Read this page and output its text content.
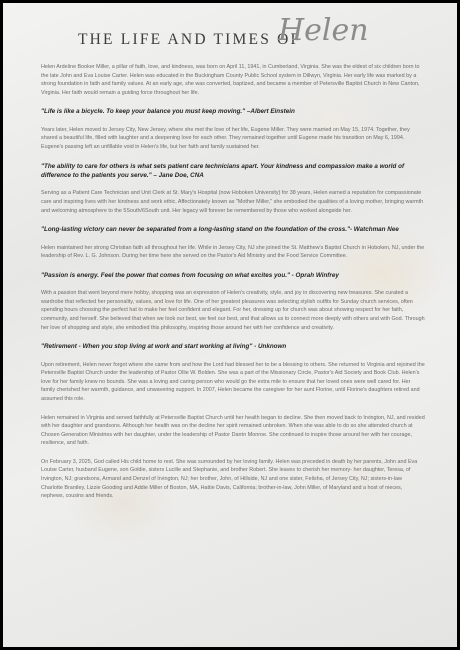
THE LIFE AND TIMES OF
Helen

Helen Ardeline Booker Miller, a pillar of faith, love, and kindness, was born on April 11, 1941, in Cumberland, Virginia. She was the eldest of six children born to the late John and Eva Louise Carter. Helen was educated in the Buckingham County Public School system in Dillwyn, Virginia. Her early life was marked by a strong foundation in faith and family values. At an early age, she was converted, baptized, and became a member of Petersville Baptist Church in New Canton, Virginia. Her faith would remain a guiding force throughout her life.

"Life is like a bicycle. To keep your balance you must keep moving." –Albert Einstein

Years later, Helen moved to Jersey City, New Jersey, where she met the love of her life, Eugene Miller. They were married on May 15, 1974. Together, they shared a beautiful life, filled with laughter and a deepening love for each other. They remained together until Eugene made his transition on May 6, 1994. Eugene's passing left an unfillable void in Helen's life, but her faith and family sustained her.

"The ability to care for others is what sets patient care technicians apart. Your kindness and compassion make a world of difference to the patients you serve." – Jane Doe, CNA

Serving as a Patient Care Technician and Unit Clerk at St. Mary's Hospital (now Hoboken University) for 38 years, Helen earned a reputation for compassionate care and inspiring lives with her kindness and work ethic. Affectionately known as "Mother Miller," she embodied the qualities of a loving mother, bringing warmth and welcoming atmosphere to the 5South/6South unit. Her legacy will forever be remembered by those who worked alongside her.

"Long-lasting victory can never be separated from a long-lasting stand on the foundation of the cross."- Watchman Nee

Helen maintained her strong Christian faith all throughout her life. While in Jersey City, NJ she joined the St. Matthew's Baptist Church in Hoboken, NJ, under the leadership of Rev. L. G. Johnson. During her time here she served on the Pastor's Aid Ministry and the Food Service Committee.

"Passion is energy. Feel the power that comes from focusing on what excites you." - Oprah Winfrey

With a passion that went beyond mere hobby, shopping was an expression of Helen's creativity, style, and joy in discovering new treasures. She curated a wardrobe that reflected her personality, values, and love for life. One of her greatest pleasures was selecting stylish outfits for Sunday church services, often spending hours choosing the perfect hat to make her feel confident and elegant. For her, dressing up for church was about showing respect for her faith, community, and herself. She believed that when we look our best, we feel our best, and that allows us to connect more deeply with others and with God. Through her love of shopping and style, she embodied this philosophy, inspiring those around her with her confidence and creativity.

"Retirement - When you stop living at work and start working at living" - Unknown

Upon retirement, Helen never forgot where she came from and how the Lord had blessed her to be a blessing to others. She returned to Virginia and rejoined the Petersville Baptist Church under the leadership of Pastor Ollie W. Bolden. She was a part of the Missionary Circle, Pastor's Aid Society and Book Club. Helen's love for her family knew no bounds. She was a loving and caring person who would go the extra mile to ensure that her loved ones were well cared for. Her family cherished her warmth, guidance, and unwavering support. In 2007, Helen became the caregiver for her aunt Florine, until Florine's daughters retired and assumed this role.

Helen remained in Virginia and served faithfully at Petersville Baptist Church until her health began to decline. She then moved back to Irvington, NJ, and resided with her daughter and grandsons. Although her health was on the decline her spirit remained unbroken. When she was able to do so she attended church at Chosen Generation Ministries with her daughter, under the leadership of Pastor Darrin Monroe. She continued to inspire those around her with her courage, resilience, and faith.

On February 3, 2025, God called His child home to rest. She was surrounded by her loving family. Helen was preceded in death by her parents, John and Eva Louise Carter, husband Eugene, son Goldie, sisters Lucille and Stephanie, and brother Robert. She leaves to cherish her memory- her daughter, Teresa, of Irvington, NJ; grandsons, Armand and Denzel of Irvington, NJ; her brother, John, of Hillside, NJ and one sister, Felisha, of Jersey City, NJ; sisters-in-law Charlotte Brantley, Lizzie Gooding and Addie Miller of Boston, MA, Hattie Davis, California; brother-in-law, John Miller, of Maryland and a host of nieces, nephews, cousins and friends.
